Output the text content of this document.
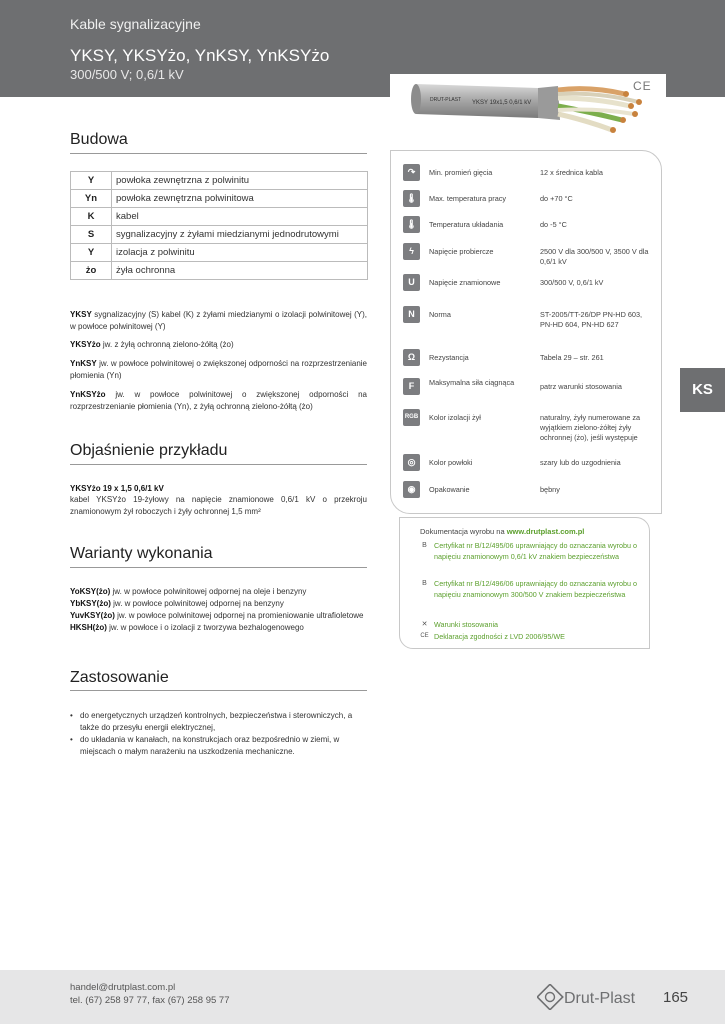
Kable sygnalizacyjne
YKSY, YKSYżo, YnKSY, YnKSYżo
300/500 V; 0,6/1 kV
DRUT-PLAST YKSY 19x1,5 0,6/1 kV
CE
Budowa
Y	powłoka zewnętrzna z polwinitu
Yn	powłoka zewnętrzna polwinitowa
K	kabel
S	sygnalizacyjny z żyłami miedzianymi jednodrutowymi
Y	izolacja z polwinitu
żo	żyła ochronna
YKSY sygnalizacyjny (S) kabel (K) z żyłami miedzianymi o izolacji polwinitowej (Y), w powłoce polwinitowej (Y)
YKSYżo jw. z żyłą ochronną zielono-żółtą (żo)
YnKSY jw. w powłoce polwinitowej o zwiększonej odporności na rozprzestrzenianie płomienia (Yn)
YnKSYżo jw. w powłoce polwinitowej o zwiększonej odporności na rozprzestrzenianie płomienia (Yn), z żyłą ochronną zielono-żółtą (żo)
Objaśnienie przykładu
YKSYżo 19 x 1,5 0,6/1 kV
kabel YKSYżo 19-żyłowy na napięcie znamionowe 0,6/1 kV o przekroju znamionowym żył roboczych i żyły ochronnej 1,5 mm²
Warianty wykonania
YoKSY(żo) jw. w powłoce polwinitowej odpornej na oleje i benzyny
YbKSY(żo) jw. w powłoce polwinitowej odpornej na benzyny
YuvKSY(żo) jw. w powłoce polwinitowej odpornej na promieniowanie ultrafioletowe
HKSH(żo) jw. w powłoce i o izolacji z tworzywa bezhalogenowego
Zastosowanie
• do energetycznych urządzeń kontrolnych, bezpieczeństwa i sterowniczych, a także do przesyłu energii elektrycznej,
• do układania w kanałach, na konstrukcjach oraz bezpośrednio w ziemi, w miejscach o małym narażeniu na uszkodzenia mechaniczne.
↷	Min. promień gięcia	12 x średnica kabla
🌡	Max. temperatura pracy	do +70 °C
🌡	Temperatura układania	do -5 °C
ϟ	Napięcie probiercze	2500 V dla 300/500 V, 3500 V dla 0,6/1 kV
U	Napięcie znamionowe	300/500 V, 0,6/1 kV
N	Norma	ST-2005/TT-26/DP PN-HD 603, PN-HD 604, PN-HD 627
Ω	Rezystancja	Tabela 29 – str. 261
F	Maksymalna siła ciągnąca	patrz warunki stosowania
RGB Kolor izolacji żył	naturalny, żyły numerowane za wyjątkiem zielono-żółtej żyły ochronnej (żo), jeśli występuje
◎	Kolor powłoki	szary lub do uzgodnienia
◉	Opakowanie	bębny
Dokumentacja wyrobu na www.drutplast.com.pl
B Certyfikat nr B/12/495/06 uprawniający do oznaczania wyrobu o napięciu znamionowym 0,6/1 kV znakiem bezpieczeństwa
B Certyfikat nr B/12/496/06 uprawniający do oznaczania wyrobu o napięciu znamionowym 300/500 V znakiem bezpieczeństwa
✕ Warunki stosowania
CE Deklaracja zgodności z LVD 2006/95/WE
KS
handel@drutplast.com.pl
tel. (67) 258 97 77, fax (67) 258 95 77	Drut-Plast 165
